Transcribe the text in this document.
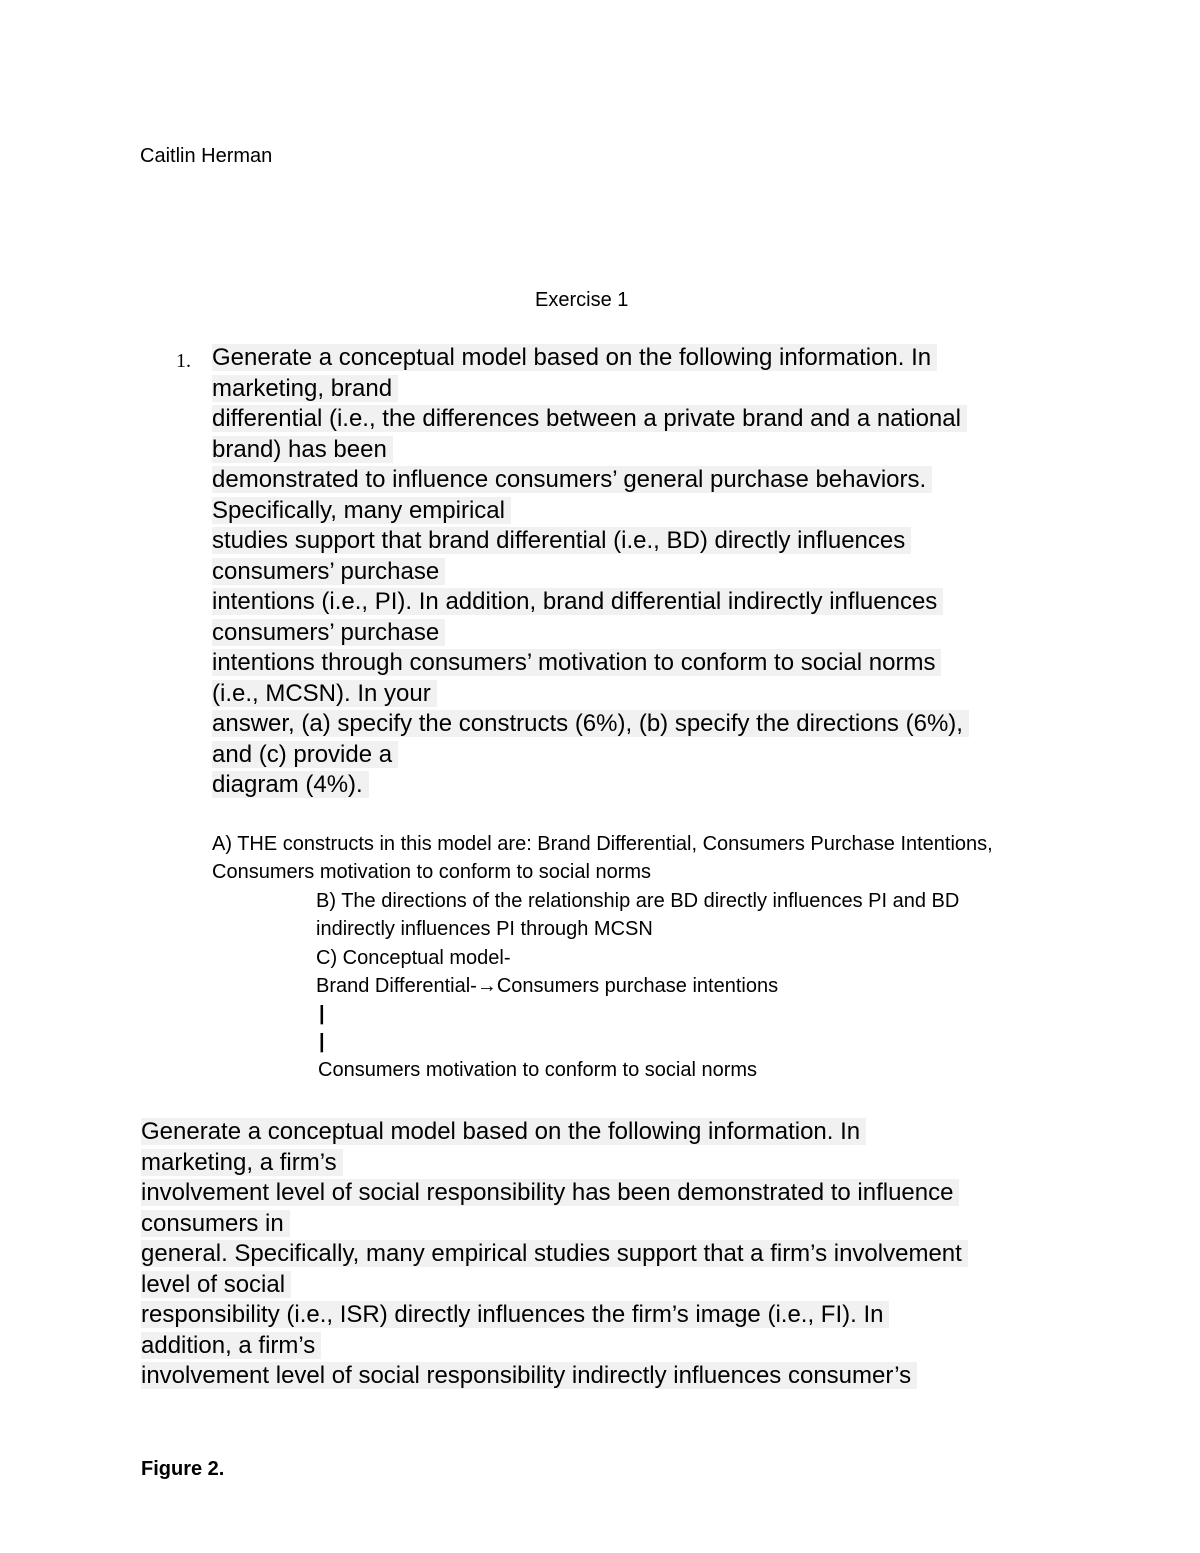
Caitlin Herman
Exercise 1
1. Generate a conceptual model based on the following information. In
marketing, brand
differential (i.e., the differences between a private brand and a national
brand) has been
demonstrated to influence consumers’ general purchase behaviors.
Specifically, many empirical
studies support that brand differential (i.e., BD) directly influences
consumers’ purchase
intentions (i.e., PI). In addition, brand differential indirectly influences
consumers’ purchase
intentions through consumers’ motivation to conform to social norms
(i.e., MCSN). In your
answer, (a) specify the constructs (6%), (b) specify the directions (6%),
and (c) provide a
diagram (4%).
A) THE constructs in this model are: Brand Differential, Consumers Purchase Intentions,
Consumers motivation to conform to social norms
B) The directions of the relationship are BD directly influences PI and BD
indirectly influences PI through MCSN
C) Conceptual model-
Brand Differential-→Consumers purchase intentions
|
|
Consumers motivation to conform to social norms
Generate a conceptual model based on the following information. In
marketing, a firm’s
involvement level of social responsibility has been demonstrated to influence
consumers in
general. Specifically, many empirical studies support that a firm’s involvement
level of social
responsibility (i.e., ISR) directly influences the firm’s image (i.e., FI). In
addition, a firm’s
involvement level of social responsibility indirectly influences consumer’s
Figure 2.
